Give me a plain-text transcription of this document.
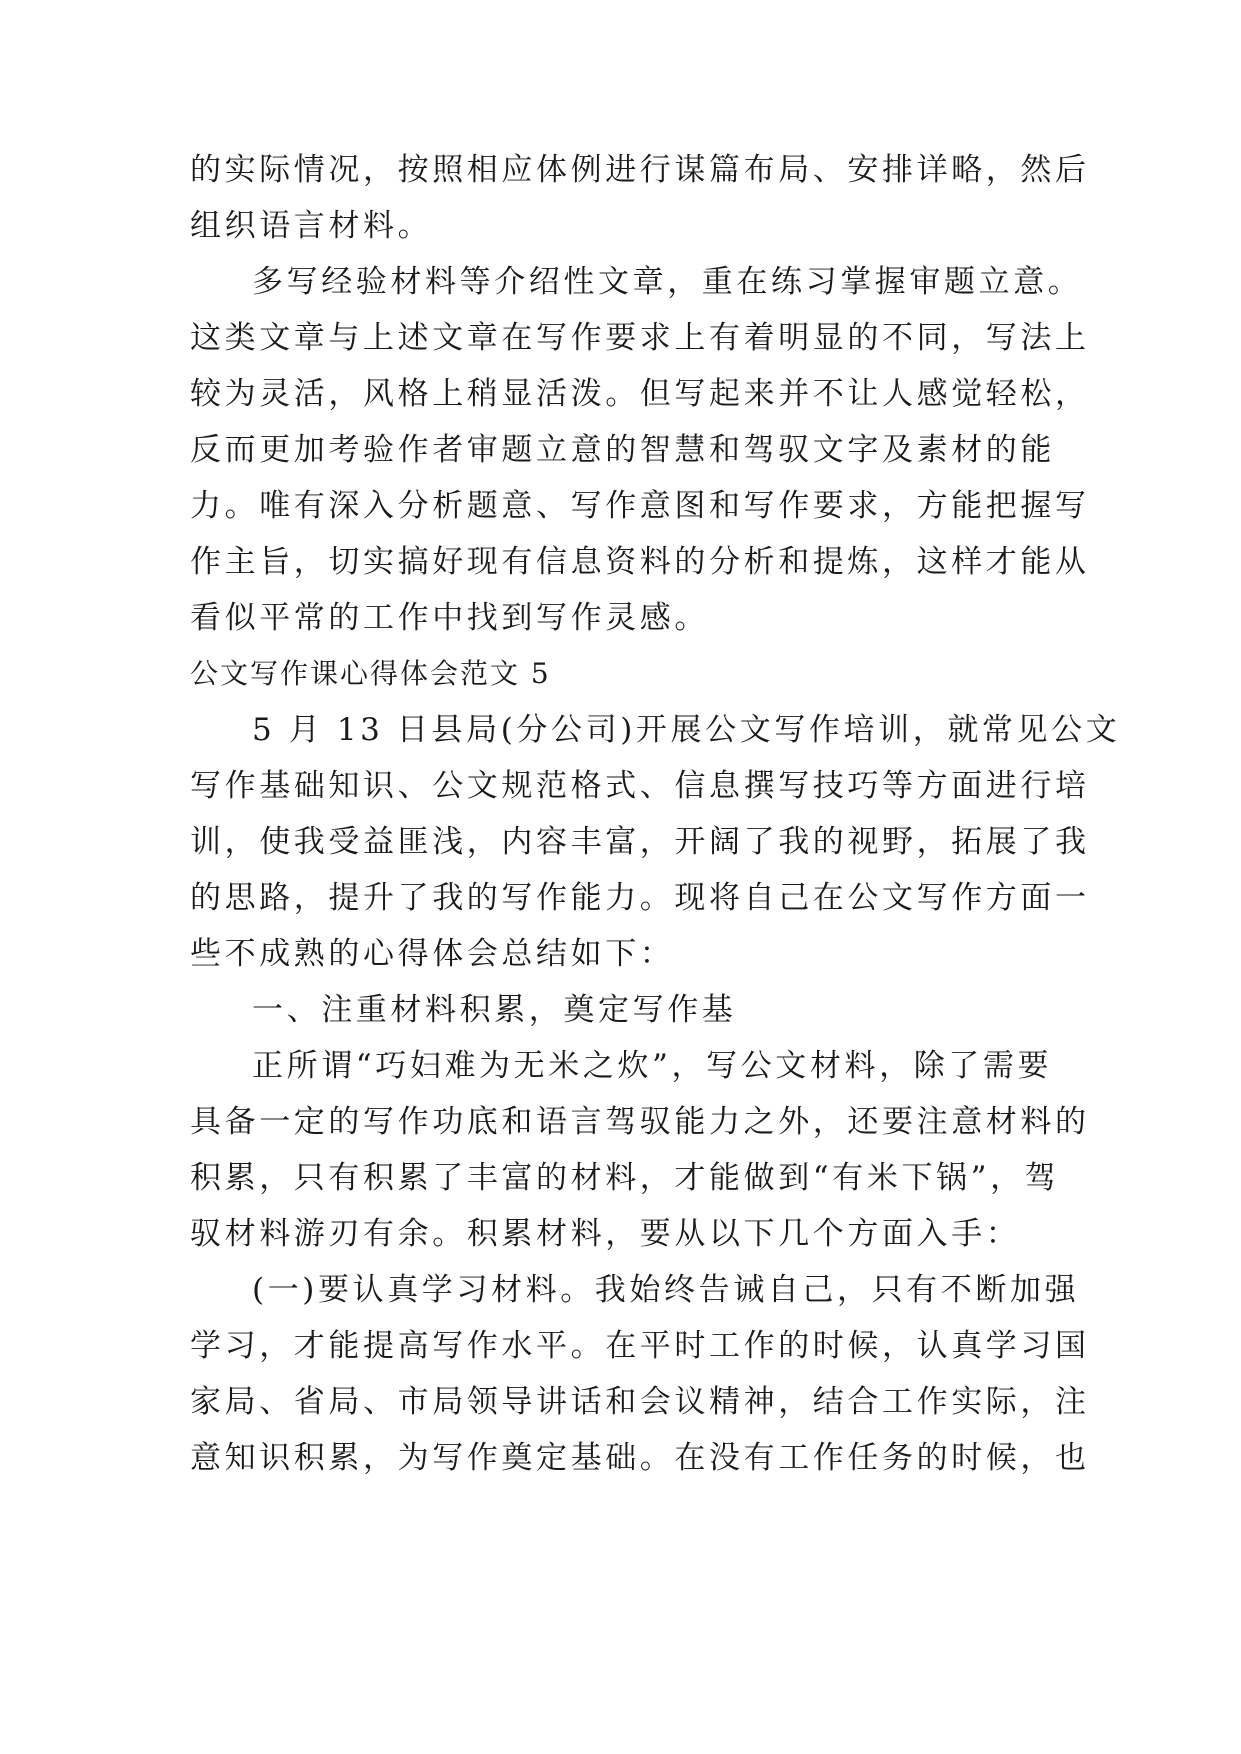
的实际情况，按照相应体例进行谋篇布局、安排详略，然后
组织语言材料。
多写经验材料等介绍性文章，重在练习掌握审题立意。
这类文章与上述文章在写作要求上有着明显的不同，写法上
较为灵活，风格上稍显活泼。但写起来并不让人感觉轻松，
反而更加考验作者审题立意的智慧和驾驭文字及素材的能
力。唯有深入分析题意、写作意图和写作要求，方能把握写
作主旨，切实搞好现有信息资料的分析和提炼，这样才能从
看似平常的工作中找到写作灵感。
公文写作课心得体会范文 5
5 月 13 日县局(分公司)开展公文写作培训，就常见公文
写作基础知识、公文规范格式、信息撰写技巧等方面进行培
训，使我受益匪浅，内容丰富，开阔了我的视野，拓展了我
的思路，提升了我的写作能力。现将自己在公文写作方面一
些不成熟的心得体会总结如下：
一、注重材料积累，奠定写作基
正所谓“巧妇难为无米之炊”，写公文材料，除了需要
具备一定的写作功底和语言驾驭能力之外，还要注意材料的
积累，只有积累了丰富的材料，才能做到“有米下锅”，驾
驭材料游刃有余。积累材料，要从以下几个方面入手：
(一)要认真学习材料。我始终告诫自己，只有不断加强
学习，才能提高写作水平。在平时工作的时候，认真学习国
家局、省局、市局领导讲话和会议精神，结合工作实际，注
意知识积累，为写作奠定基础。在没有工作任务的时候，也
